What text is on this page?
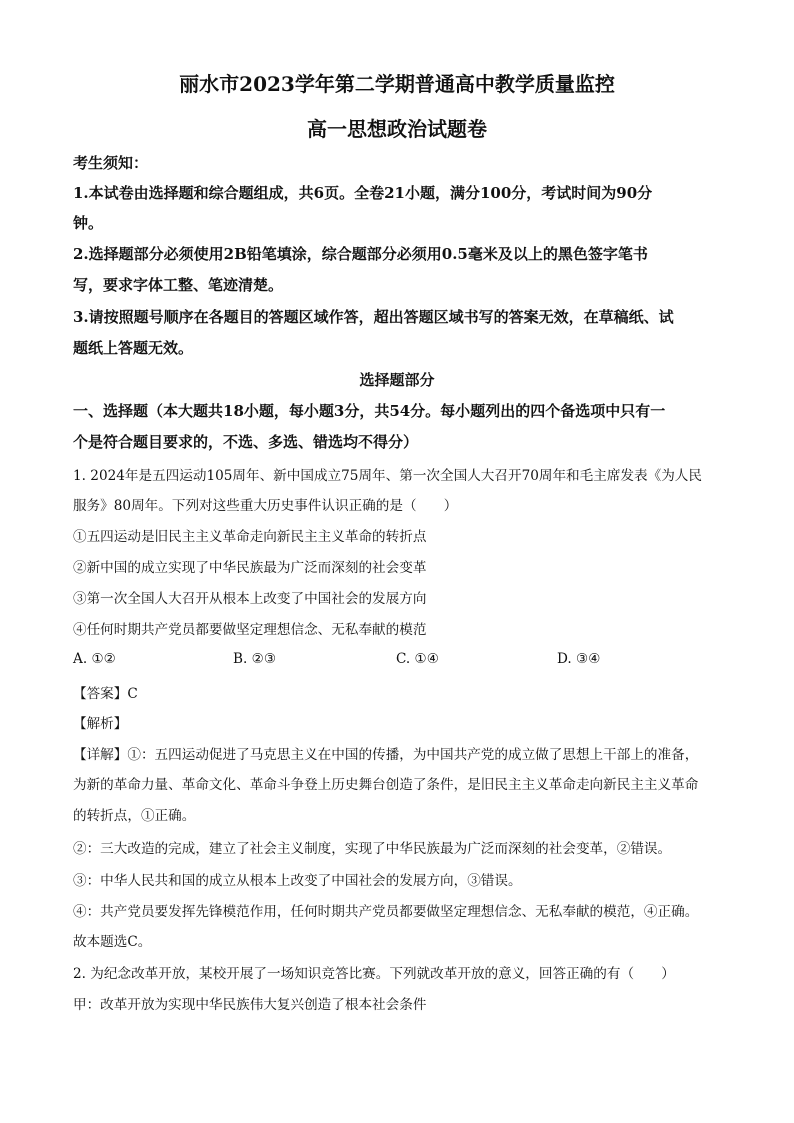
丽水市2023学年第二学期普通高中教学质量监控
高一思想政治试题卷
考生须知：
1.本试卷由选择题和综合题组成，共6页。全卷21小题，满分100分，考试时间为90分
钟。
2.选择题部分必须使用2B铅笔填涂，综合题部分必须用0.5毫米及以上的黑色签字笔书
写，要求字体工整、笔迹清楚。
3.请按照题号顺序在各题目的答题区域作答，超出答题区域书写的答案无效，在草稿纸、试
题纸上答题无效。
选择题部分
一、选择题（本大题共18小题，每小题3分，共54分。每小题列出的四个备选项中只有一
个是符合题目要求的，不选、多选、错选均不得分）
1. 2024年是五四运动105周年、新中国成立75周年、第一次全国人大召开70周年和毛主席发表《为人民
服务》80周年。下列对这些重大历史事件认识正确的是（　　）
①五四运动是旧民主主义革命走向新民主主义革命的转折点
②新中国的成立实现了中华民族最为广泛而深刻的社会变革
③第一次全国人大召开从根本上改变了中国社会的发展方向
④任何时期共产党员都要做坚定理想信念、无私奉献的模范
A. ①②	B. ②③	C. ①④	D. ③④
【答案】C
【解析】
【详解】①：五四运动促进了马克思主义在中国的传播，为中国共产党的成立做了思想上干部上的准备，
为新的革命力量、革命文化、革命斗争登上历史舞台创造了条件，是旧民主主义革命走向新民主主义革命
的转折点，①正确。
②：三大改造的完成，建立了社会主义制度，实现了中华民族最为广泛而深刻的社会变革，②错误。
③：中华人民共和国的成立从根本上改变了中国社会的发展方向，③错误。
④：共产党员要发挥先锋模范作用，任何时期共产党员都要做坚定理想信念、无私奉献的模范，④正确。
故本题选C。
2. 为纪念改革开放，某校开展了一场知识竞答比赛。下列就改革开放的意义，回答正确的有（　　）
甲：改革开放为实现中华民族伟大复兴创造了根本社会条件
